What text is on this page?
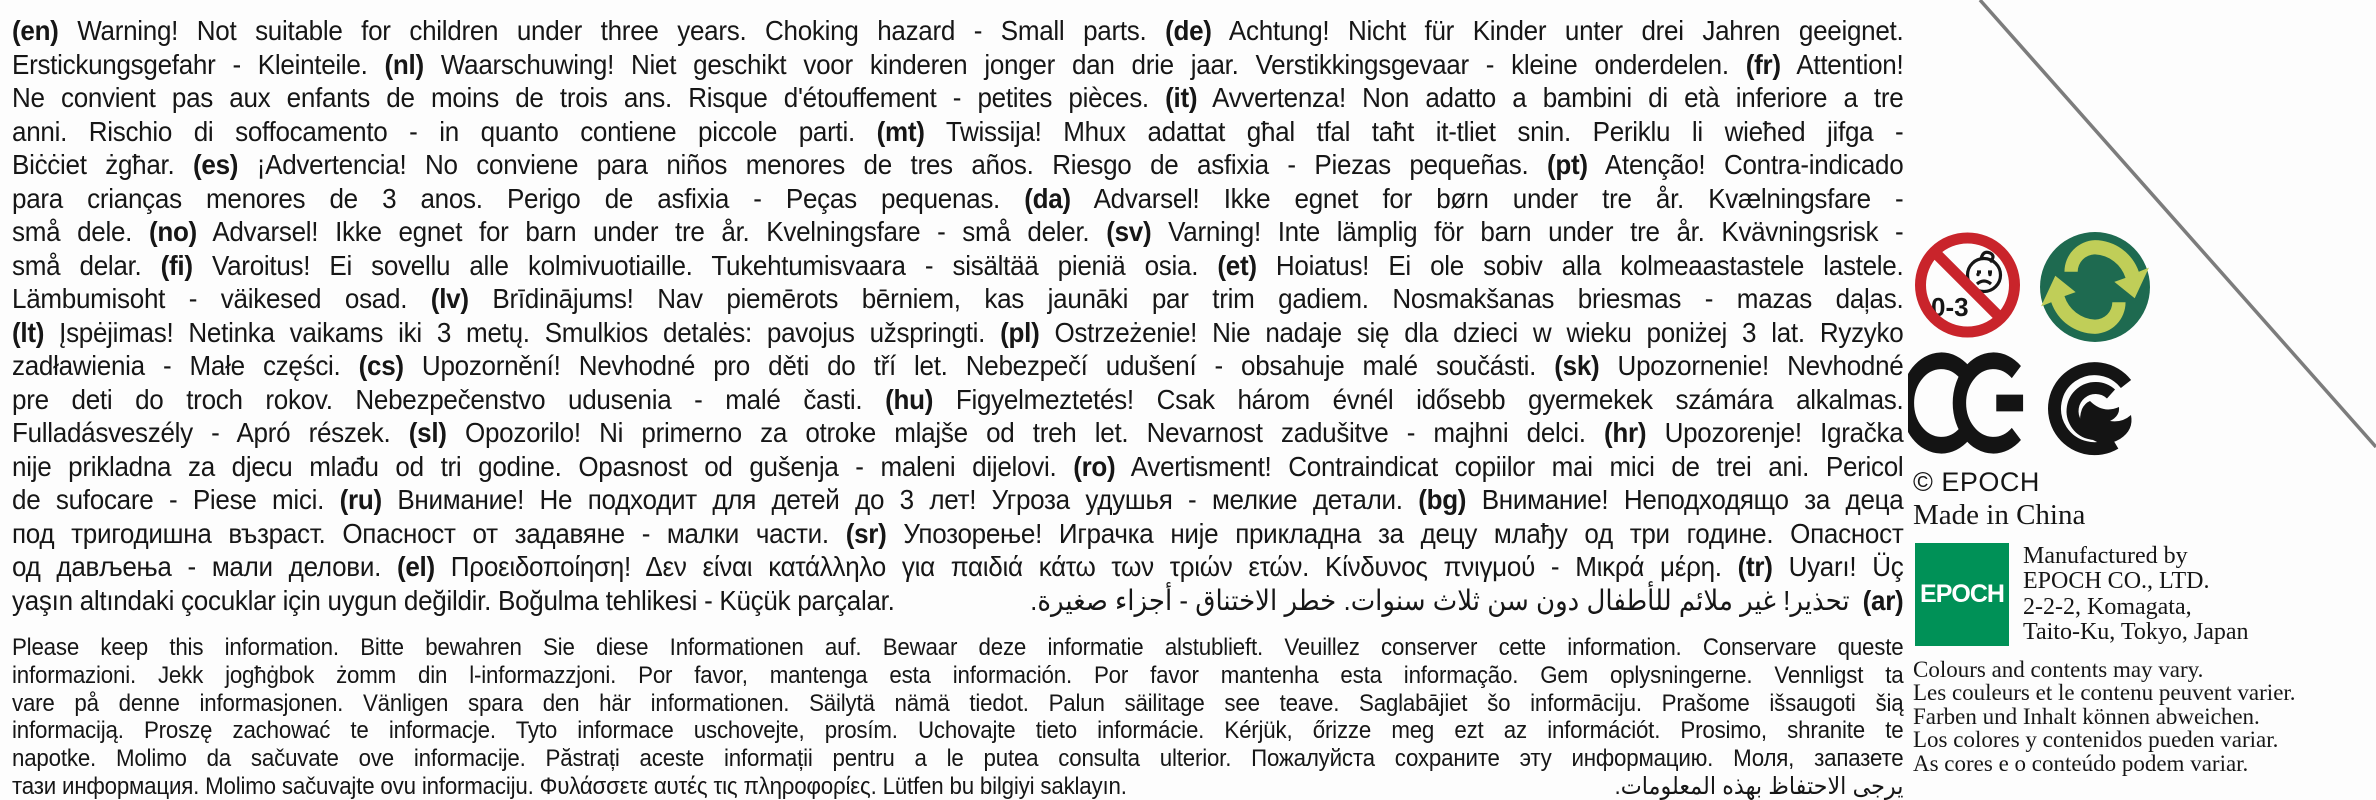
(en) Warning! Not suitable for children under three years. Choking hazard - Small parts. (de) Achtung! Nicht für Kinder unter drei Jahren geeignet.
Erstickungsgefahr - Kleinteile. (nl) Waarschuwing! Niet geschikt voor kinderen jonger dan drie jaar. Verstikkingsgevaar - kleine onderdelen. (fr) Attention!
Ne convient pas aux enfants de moins de trois ans. Risque d'étouffement - petites pièces. (it) Avvertenza! Non adatto a bambini di età inferiore a tre
anni. Rischio di soffocamento - in quanto contiene piccole parti. (mt) Twissija! Mhux adattat għal tfal taħt it-tliet snin. Periklu li wieħed jifga -
Biċċiet żgħar. (es) ¡Advertencia! No conviene para niños menores de tres años. Riesgo de asfixia - Piezas pequeñas. (pt) Atenção! Contra-indicado
para crianças menores de 3 anos. Perigo de asfixia - Peças pequenas. (da) Advarsel! Ikke egnet for børn under tre år. Kvælningsfare -
små dele. (no) Advarsel! Ikke egnet for barn under tre år. Kvelningsfare - små deler. (sv) Varning! Inte lämplig för barn under tre år. Kvävningsrisk -
små delar. (fi) Varoitus! Ei sovellu alle kolmivuotiaille. Tukehtumisvaara - sisältää pieniä osia. (et) Hoiatus! Ei ole sobiv alla kolmeaastastele lastele.
Lämbumisoht - väikesed osad. (lv) Brīdinājums! Nav piemērots bērniem, kas jaunāki par trim gadiem. Nosmakšanas briesmas - mazas daļas.
(lt) Įspėjimas! Netinka vaikams iki 3 metų. Smulkios detalės: pavojus užspringti. (pl) Ostrzeżenie! Nie nadaje się dla dzieci w wieku poniżej 3 lat. Ryzyko
zadławienia - Małe części. (cs) Upozornění! Nevhodné pro děti do tří let. Nebezpečí udušení - obsahuje malé součásti. (sk) Upozornenie! Nevhodné
pre deti do troch rokov. Nebezpečenstvo udusenia - malé časti. (hu) Figyelmeztetés! Csak három évnél idősebb gyermekek számára alkalmas.
Fulladásveszély - Apró részek. (sl) Opozorilo! Ni primerno za otroke mlajše od treh let. Nevarnost zadušitve - majhni delci. (hr) Upozorenje! Igračka
nije prikladna za djecu mlađu od tri godine. Opasnost od gušenja - maleni dijelovi. (ro) Avertisment! Contraindicat copiilor mai mici de trei ani. Pericol
de sufocare - Piese mici. (ru) Внимание! Не подходит для детей до 3 лет! Угроза удушья - мелкие детали. (bg) Внимание! Неподходящо за деца
под тригодишна възраст. Опасност от задавяне - малки части. (sr) Упозорење! Играчка није прикладна за децу млађу од три године. Опасност
од дављења - мали делови. (el) Προειδοποίηση! Δεν είναι κατάλληλο για παιδιά κάτω των τριών ετών. Κίνδυνος πνιγμού - Μικρά μέρη. (tr) Uyarı! Üç
yaşın altındaki çocuklar için uygun değildir. Boğulma tehlikesi - Küçük parçalar.	تحذير! غير ملائم للأطفال دون سن ثلاث سنوات. خطر الاختناق - أجزاء صغيرة. (ar)
Please keep this information. Bitte bewahren Sie diese Informationen auf. Bewaar deze informatie alstublieft. Veuillez conserver cette information. Conservare queste
informazioni. Jekk jogħġbok żomm din l-informazzjoni. Por favor, mantenga esta información. Por favor mantenha esta informação. Gem oplysningerne. Vennligst ta
vare på denne informasjonen. Vänligen spara den här informationen. Säilytä nämä tiedot. Palun säilitage see teave. Saglabājiet šo informāciju. Prašome išsaugoti šią
informaciją. Proszę zachować te informacje. Tyto informace uschovejte, prosím. Uchovajte tieto informácie. Kérjük, őrizze meg ezt az információt. Prosimo, shranite te
napotke. Molimo da sačuvate ove informacije. Păstrați aceste informații pentru a le putea consulta ulterior. Пожалуйста сохраните эту информацию. Моля, запазете
тази информация. Molimo sačuvajte ovu informaciju. Φυλάσσετε αυτές τις πληροφορίες. Lütfen bu bilgiyi saklayın.	يرجى الاحتفاظ بهذه المعلومات.
0-3
© EPOCH
Made in China
EPOCH
Manufactured by
EPOCH CO., LTD.
2-2-2, Komagata,
Taito-Ku, Tokyo, Japan
Colours and contents may vary.
Les couleurs et le contenu peuvent varier.
Farben und Inhalt können abweichen.
Los colores y contenidos pueden variar.
As cores e o conteúdo podem variar.
